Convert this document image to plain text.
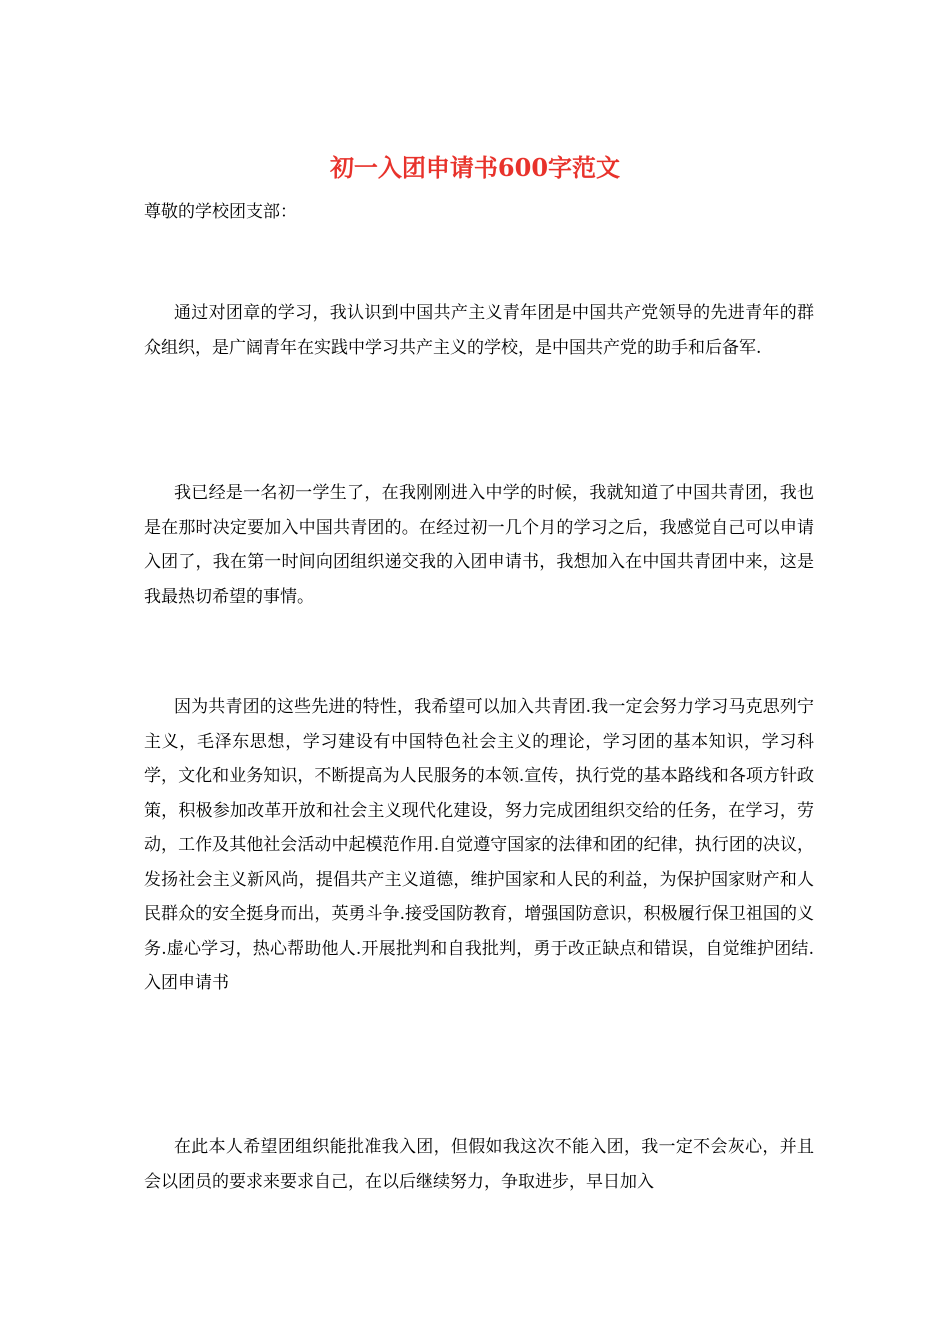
初一入团申请书600字范文

尊敬的学校团支部：

通过对团章的学习，我认识到中国共产主义青年团是中国共产党领导的先进青年的群众组织，是广阔青年在实践中学习共产主义的学校，是中国共产党的助手和后备军.

我已经是一名初一学生了，在我刚刚进入中学的时候，我就知道了中国共青团，我也是在那时决定要加入中国共青团的。在经过初一几个月的学习之后，我感觉自己可以申请入团了，我在第一时间向团组织递交我的入团申请书，我想加入在中国共青团中来，这是我最热切希望的事情。

因为共青团的这些先进的特性，我希望可以加入共青团.我一定会努力学习马克思列宁主义，毛泽东思想，学习建设有中国特色社会主义的理论，学习团的基本知识，学习科学，文化和业务知识，不断提高为人民服务的本领.宣传，执行党的基本路线和各项方针政策，积极参加改革开放和社会主义现代化建设，努力完成团组织交给的任务，在学习，劳动，工作及其他社会活动中起模范作用.自觉遵守国家的法律和团的纪律，执行团的决议，发扬社会主义新风尚，提倡共产主义道德，维护国家和人民的利益，为保护国家财产和人民群众的安全挺身而出，英勇斗争.接受国防教育，增强国防意识，积极履行保卫祖国的义务.虚心学习，热心帮助他人.开展批判和自我批判，勇于改正缺点和错误，自觉维护团结.入团申请书

在此本人希望团组织能批准我入团，但假如我这次不能入团，我一定不会灰心，并且会以团员的要求来要求自己，在以后继续努力，争取进步，早日加入
